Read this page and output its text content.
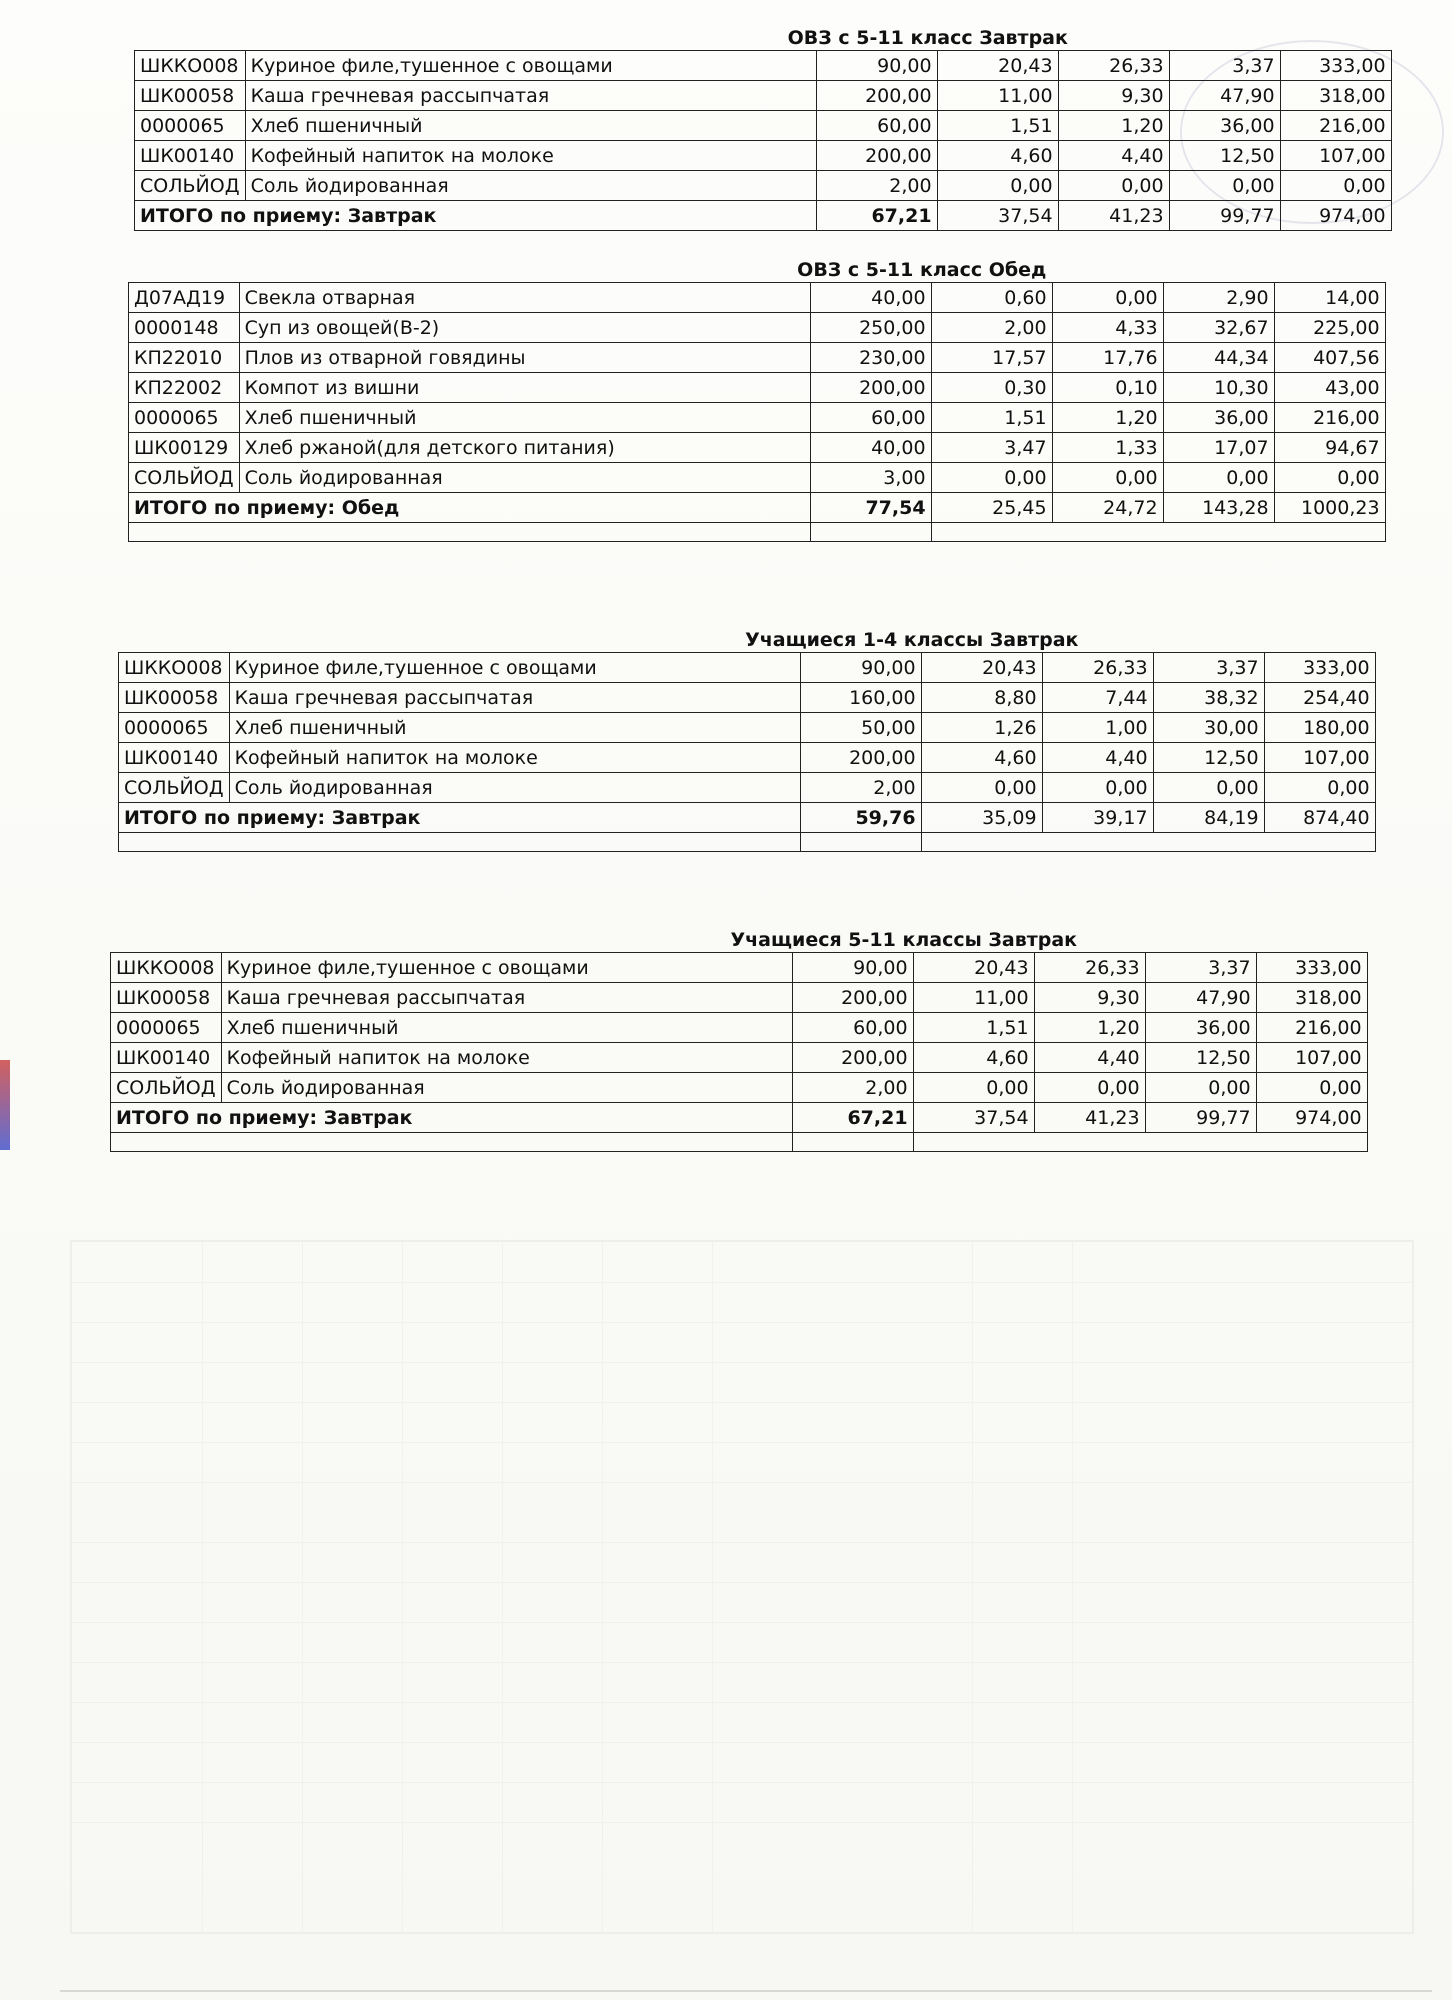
ОВЗ с 5-11 класс Завтрак
ШККО008	Куриное филе,тушенное с овощами	90,00	20,43	26,33	3,37	333,00
ШК00058	Каша гречневая рассыпчатая	200,00	11,00	9,30	47,90	318,00
0000065	Хлеб пшеничный	60,00	1,51	1,20	36,00	216,00
ШК00140	Кофейный напиток на молоке	200,00	4,60	4,40	12,50	107,00
СОЛЬЙОД	Соль йодированная	2,00	0,00	0,00	0,00	0,00
ИТОГО по приему: Завтрак		67,21	37,54	41,23	99,77	974,00
ОВЗ с 5-11 класс Обед
Д07АД19	Свекла отварная	40,00	0,60	0,00	2,90	14,00
0000148	Суп из овощей(В-2)	250,00	2,00	4,33	32,67	225,00
КП22010	Плов из отварной говядины	230,00	17,57	17,76	44,34	407,56
КП22002	Компот из вишни	200,00	0,30	0,10	10,30	43,00
0000065	Хлеб пшеничный	60,00	1,51	1,20	36,00	216,00
ШК00129	Хлеб ржаной(для детского питания)	40,00	3,47	1,33	17,07	94,67
СОЛЬЙОД	Соль йодированная	3,00	0,00	0,00	0,00	0,00
ИТОГО по приему: Обед		77,54	25,45	24,72	143,28	1000,23

Учащиеся 1-4 классы Завтрак
ШККО008	Куриное филе,тушенное с овощами	90,00	20,43	26,33	3,37	333,00
ШК00058	Каша гречневая рассыпчатая	160,00	8,80	7,44	38,32	254,40
0000065	Хлеб пшеничный	50,00	1,26	1,00	30,00	180,00
ШК00140	Кофейный напиток на молоке	200,00	4,60	4,40	12,50	107,00
СОЛЬЙОД	Соль йодированная	2,00	0,00	0,00	0,00	0,00
ИТОГО по приему: Завтрак		59,76	35,09	39,17	84,19	874,40

Учащиеся 5-11 классы Завтрак
ШККО008	Куриное филе,тушенное с овощами	90,00	20,43	26,33	3,37	333,00
ШК00058	Каша гречневая рассыпчатая	200,00	11,00	9,30	47,90	318,00
0000065	Хлеб пшеничный	60,00	1,51	1,20	36,00	216,00
ШК00140	Кофейный напиток на молоке	200,00	4,60	4,40	12,50	107,00
СОЛЬЙОД	Соль йодированная	2,00	0,00	0,00	0,00	0,00
ИТОГО по приему: Завтрак		67,21	37,54	41,23	99,77	974,00
